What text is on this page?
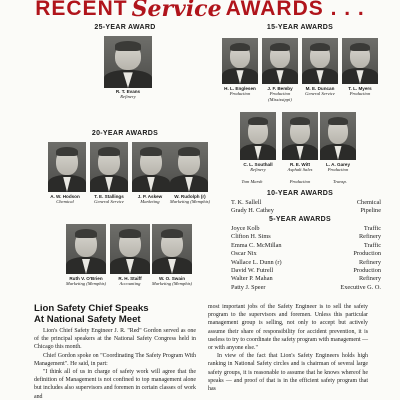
RECENT Service AWARDS . . .
25-YEAR AWARD
R. T. Evans
Refinery
20-YEAR AWARDS
A. W. Hodson
Chemical
T. E. Stallings
General Service
J. P. Askew
Marketing
W. Rudolph (r)
Marketing (Memphis)
Ruth V. O'Brien
Marketing (Memphis)
R. H. Staiff
Accounting
W. O. Swain
Marketing (Memphis)
15-YEAR AWARDS
H. L. Englesen
Production
J. F. Bemby
Production (Mississippi)
M. E. Duncan
General Service
T. L. Myers
Production
C. L. Southall
Refinery
R. E. Witt
Asphalt Sales
L. A. Garey
Production
Tom Marsh	Production	Transp.
10-YEAR AWARDS
T. K. Sallell	Chemical
Grady H. Cathey	Pipeline
5-YEAR AWARDS
Joyce Kolb	Traffic
Clifton H. Sims	Refinery
Emma C. McMillan	Traffic
Oscar Nix	Production
Wallace L. Dunn (r)	Refinery
David W. Futrell	Production
Walter P. Mahan	Refinery
Patty J. Speer	Executive G. O.
Lion Safety Chief Speaks
At National Safety Meet

Lion's Chief Safety Engineer J. R. "Red" Gordon served as one of the principal speakers at the National Safety Congress held in Chicago this month.

Chief Gordon spoke on "Coordinating The Safety Program With Management". He said, in part:

"I think all of us in charge of safety work will agree that the definition of Management is not confined to top management alone but includes also supervisors and foremen in certain classes of work and

most important jobs of the Safety Engineer is to sell the safety program to the supervisors and foremen. Unless this particular management group is selling, not only to accept but actively assume their share of responsibility for accident prevention, it is useless to try to coordinate the safety program with management — or with anyone else."

In view of the fact that Lion's Safety Engineers holds high ranking in National Safety circles and is chairman of several large safety groups, it is reasonable to assume that he knows whereof he speaks — and proof of that is in the efficient safety program that has
